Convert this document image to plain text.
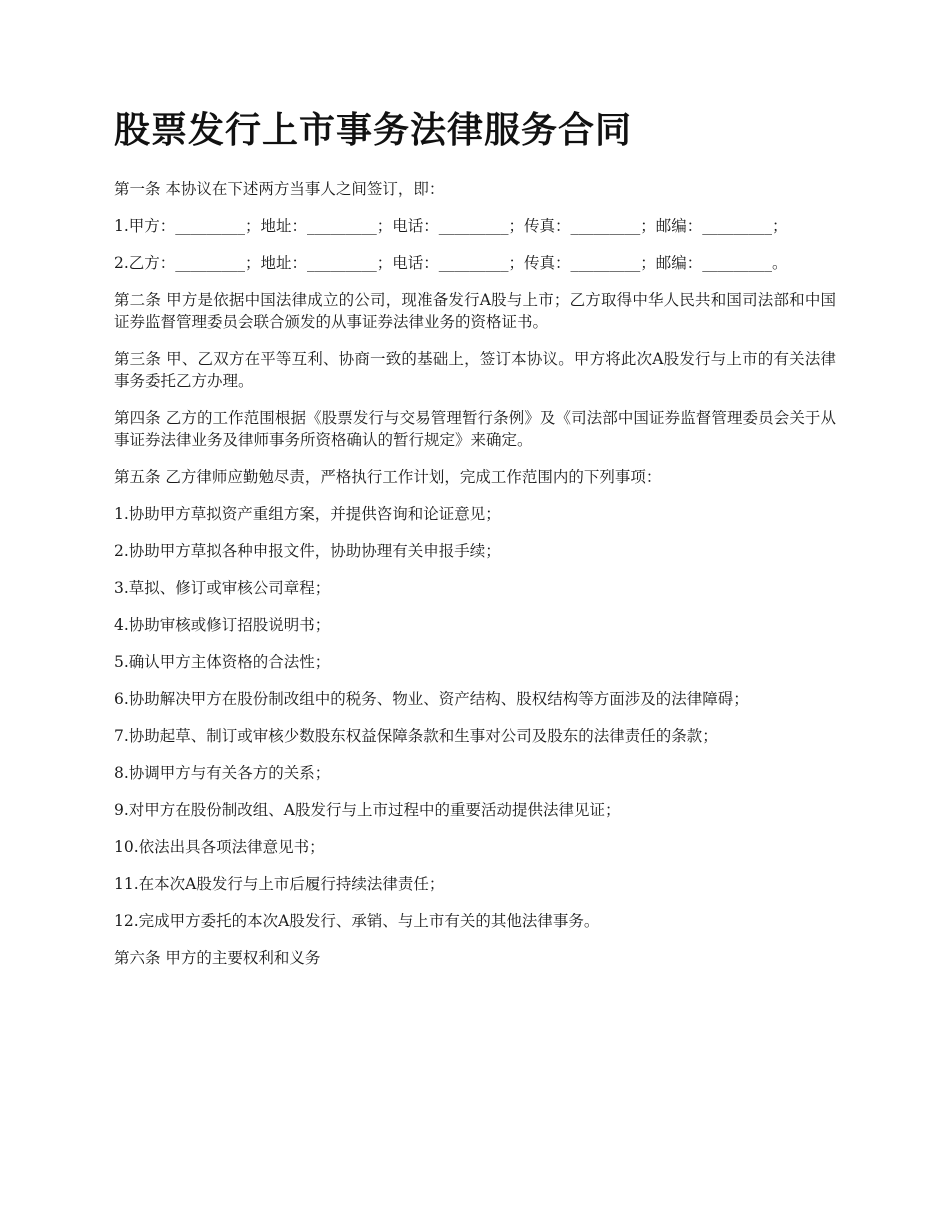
股票发行上市事务法律服务合同

第一条 本协议在下述两方当事人之间签订，即：

1.甲方：_________；地址：_________；电话：_________；传真：_________；邮编：_________；

2.乙方：_________；地址：_________；电话：_________；传真：_________；邮编：_________。

第二条 甲方是依据中国法律成立的公司，现准备发行A股与上市；乙方取得中华人民共和国司法部和中国证券监督管理委员会联合颁发的从事证券法律业务的资格证书。

第三条 甲、乙双方在平等互利、协商一致的基础上，签订本协议。甲方将此次A股发行与上市的有关法律事务委托乙方办理。

第四条 乙方的工作范围根据《股票发行与交易管理暂行条例》及《司法部中国证券监督管理委员会关于从事证券法律业务及律师事务所资格确认的暂行规定》来确定。

第五条 乙方律师应勤勉尽责，严格执行工作计划，完成工作范围内的下列事项：

1.协助甲方草拟资产重组方案，并提供咨询和论证意见；

2.协助甲方草拟各种申报文件，协助协理有关申报手续；

3.草拟、修订或审核公司章程；

4.协助审核或修订招股说明书；

5.确认甲方主体资格的合法性；

6.协助解决甲方在股份制改组中的税务、物业、资产结构、股权结构等方面涉及的法律障碍；

7.协助起草、制订或审核少数股东权益保障条款和生事对公司及股东的法律责任的条款；

8.协调甲方与有关各方的关系；

9.对甲方在股份制改组、A股发行与上市过程中的重要活动提供法律见证；

10.依法出具各项法律意见书；

11.在本次A股发行与上市后履行持续法律责任；

12.完成甲方委托的本次A股发行、承销、与上市有关的其他法律事务。

第六条 甲方的主要权利和义务
